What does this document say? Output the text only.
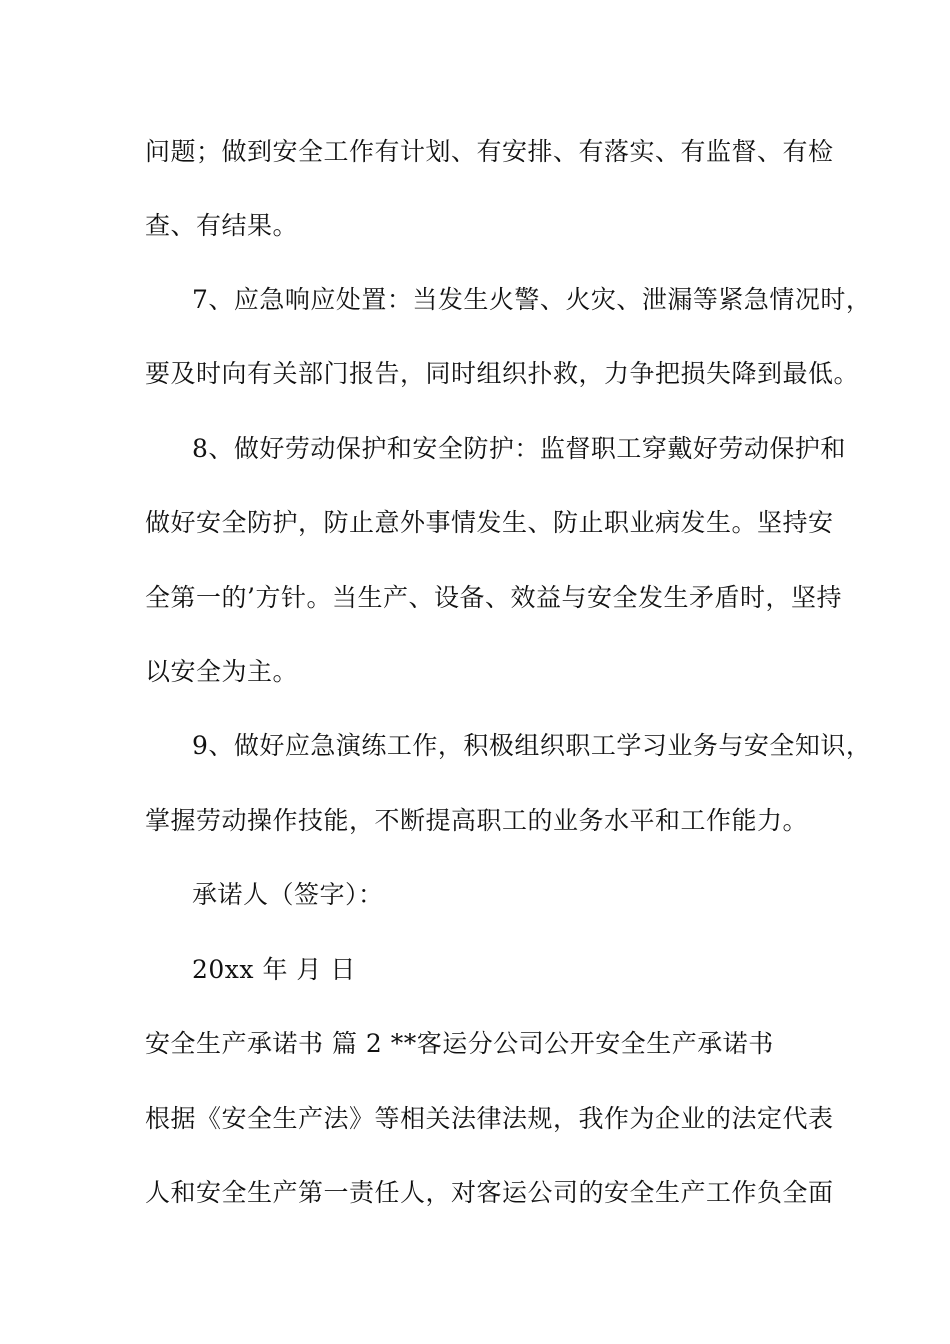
问题；做到安全工作有计划、有安排、有落实、有监督、有检
查、有结果。
7、应急响应处置：当发生火警、火灾、泄漏等紧急情况时，
要及时向有关部门报告，同时组织扑救，力争把损失降到最低。
8、做好劳动保护和安全防护：监督职工穿戴好劳动保护和
做好安全防护，防止意外事情发生、防止职业病发生。坚持安
全第一的’方针。当生产、设备、效益与安全发生矛盾时，坚持
以安全为主。
9、做好应急演练工作，积极组织职工学习业务与安全知识，
掌握劳动操作技能，不断提高职工的业务水平和工作能力。
承诺人（签字）：
20xx 年 月 日
安全生产承诺书 篇 2 **客运分公司公开安全生产承诺书
根据《安全生产法》等相关法律法规，我作为企业的法定代表
人和安全生产第一责任人，对客运公司的安全生产工作负全面
